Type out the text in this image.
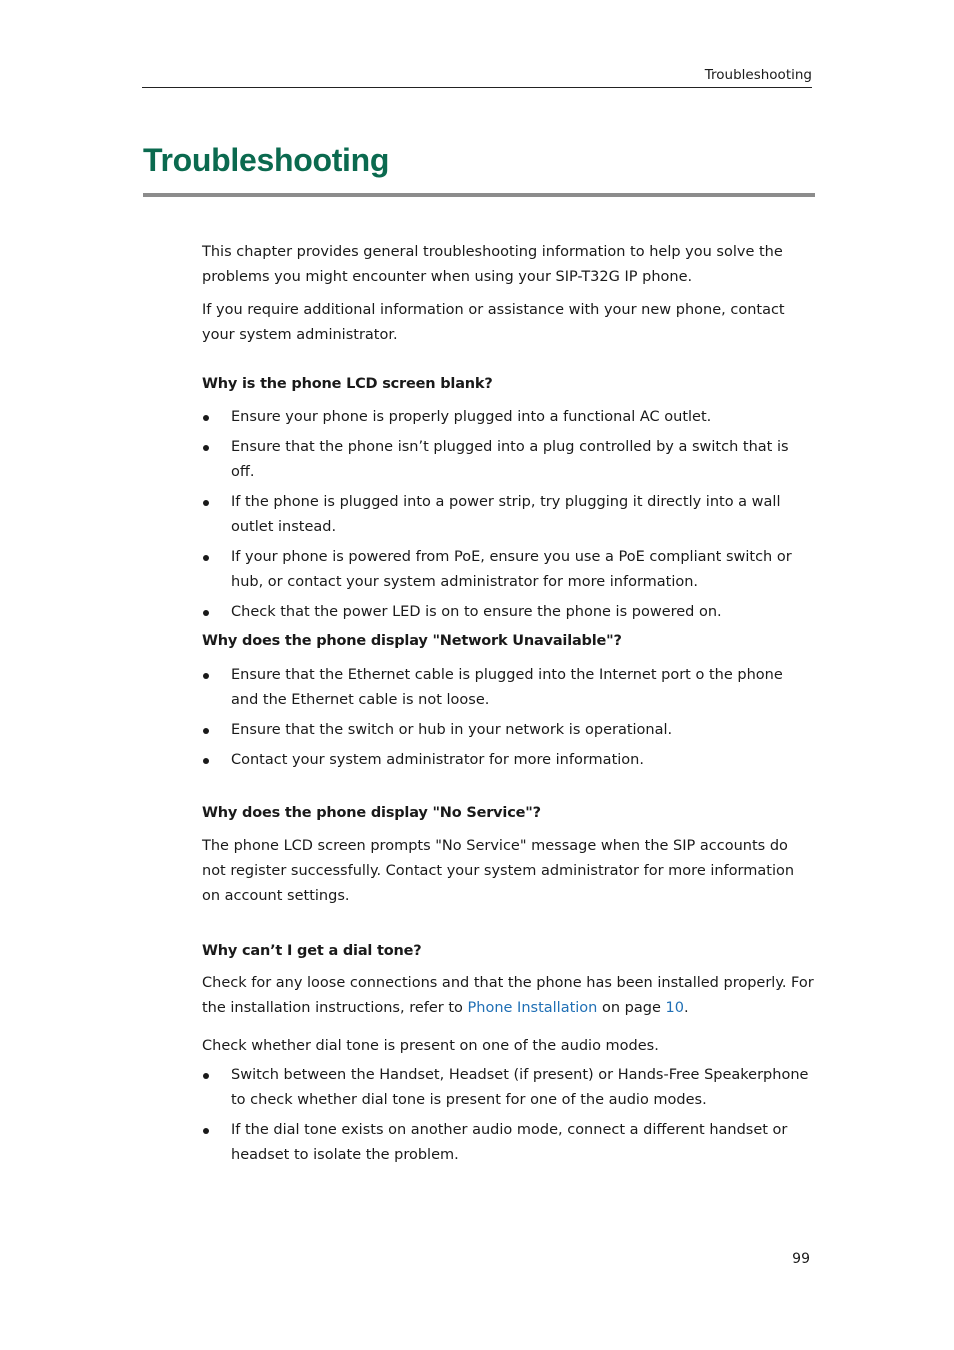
Troubleshooting
Troubleshooting

This chapter provides general troubleshooting information to help you solve the problems you might encounter when using your SIP-T32G IP phone.

If you require additional information or assistance with your new phone, contact your system administrator.

Why is the phone LCD screen blank?
Ensure your phone is properly plugged into a functional AC outlet.
Ensure that the phone isn’t plugged into a plug controlled by a switch that is off.
If the phone is plugged into a power strip, try plugging it directly into a wall outlet instead.
If your phone is powered from PoE, ensure you use a PoE compliant switch or hub, or contact your system administrator for more information.
Check that the power LED is on to ensure the phone is powered on.
Why does the phone display "Network Unavailable"?
Ensure that the Ethernet cable is plugged into the Internet port o the phone and the Ethernet cable is not loose.
Ensure that the switch or hub in your network is operational.
Contact your system administrator for more information.
Why does the phone display "No Service"?

The phone LCD screen prompts "No Service" message when the SIP accounts do not register successfully. Contact your system administrator for more information on account settings.

Why can’t I get a dial tone?

Check for any loose connections and that the phone has been installed properly. For the installation instructions, refer to Phone Installation on page 10.

Check whether dial tone is present on one of the audio modes.

Switch between the Handset, Headset (if present) or Hands-Free Speakerphone to check whether dial tone is present for one of the audio modes.
If the dial tone exists on another audio mode, connect a different handset or headset to isolate the problem.
99
